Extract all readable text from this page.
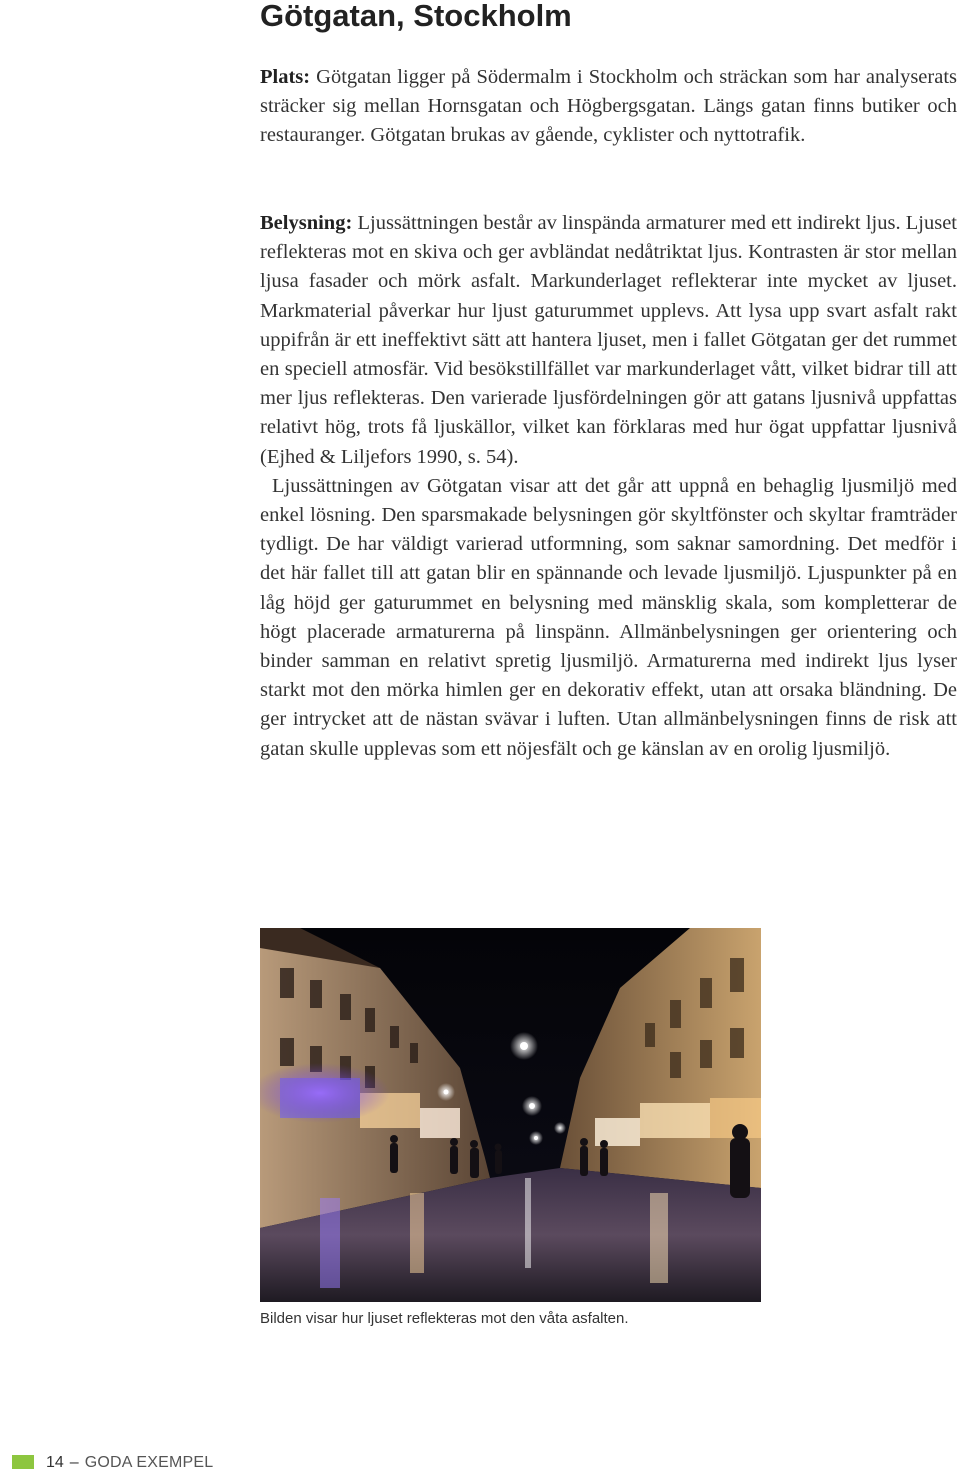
Götgatan, Stockholm

Plats: Götgatan ligger på Södermalm i Stockholm och sträckan som har analyserats sträcker sig mellan Hornsgatan och Högbergsgatan. Längs gatan finns butiker och restauranger. Götgatan brukas av gående, cyklister och nyttotrafik.

Belysning: Ljussättningen består av linspända armaturer med ett indirekt ljus. Ljuset reflekteras mot en skiva och ger avbländat nedåtriktat ljus. Kontrasten är stor mellan ljusa fasader och mörk asfalt. Markunderlaget reflekterar inte mycket av ljuset. Markmaterial påverkar hur ljust gaturummet upplevs. Att lysa upp svart asfalt rakt uppifrån är ett ineffektivt sätt att hantera ljuset, men i fallet Götgatan ger det rummet en speciell atmosfär. Vid besökstillfället var markunderlaget vått, vilket bidrar till att mer ljus reflekteras. Den varierade ljusfördelningen gör att gatans ljusnivå uppfattas relativt hög, trots få ljuskällor, vilket kan förklaras med hur ögat uppfattar ljusnivå (Ejhed & Liljefors 1990, s. 54).

Ljussättningen av Götgatan visar att det går att uppnå en behaglig ljusmiljö med enkel lösning. Den sparsmakade belysningen gör skyltfönster och skyltar framträder tydligt. De har väldigt varierad utformning, som saknar samordning. Det medför i det här fallet till att gatan blir en spännande och levade ljusmiljö. Ljuspunkter på en låg höjd ger gaturummet en belysning med mänsklig skala, som kompletterar de högt placerade armaturerna på linspänn. Allmänbelysningen ger orientering och binder samman en relativt spretig ljusmiljö. Armaturerna med indirekt ljus lyser starkt mot den mörka himlen ger en dekorativ effekt, utan att orsaka bländning. De ger intrycket att de nästan svävar i luften. Utan allmänbelysningen finns de risk att gatan skulle upplevas som ett nöjesfält och ge känslan av en orolig ljusmiljö.

Bilden visar hur ljuset reflekteras mot den våta asfalten.

14 – GODA EXEMPEL
